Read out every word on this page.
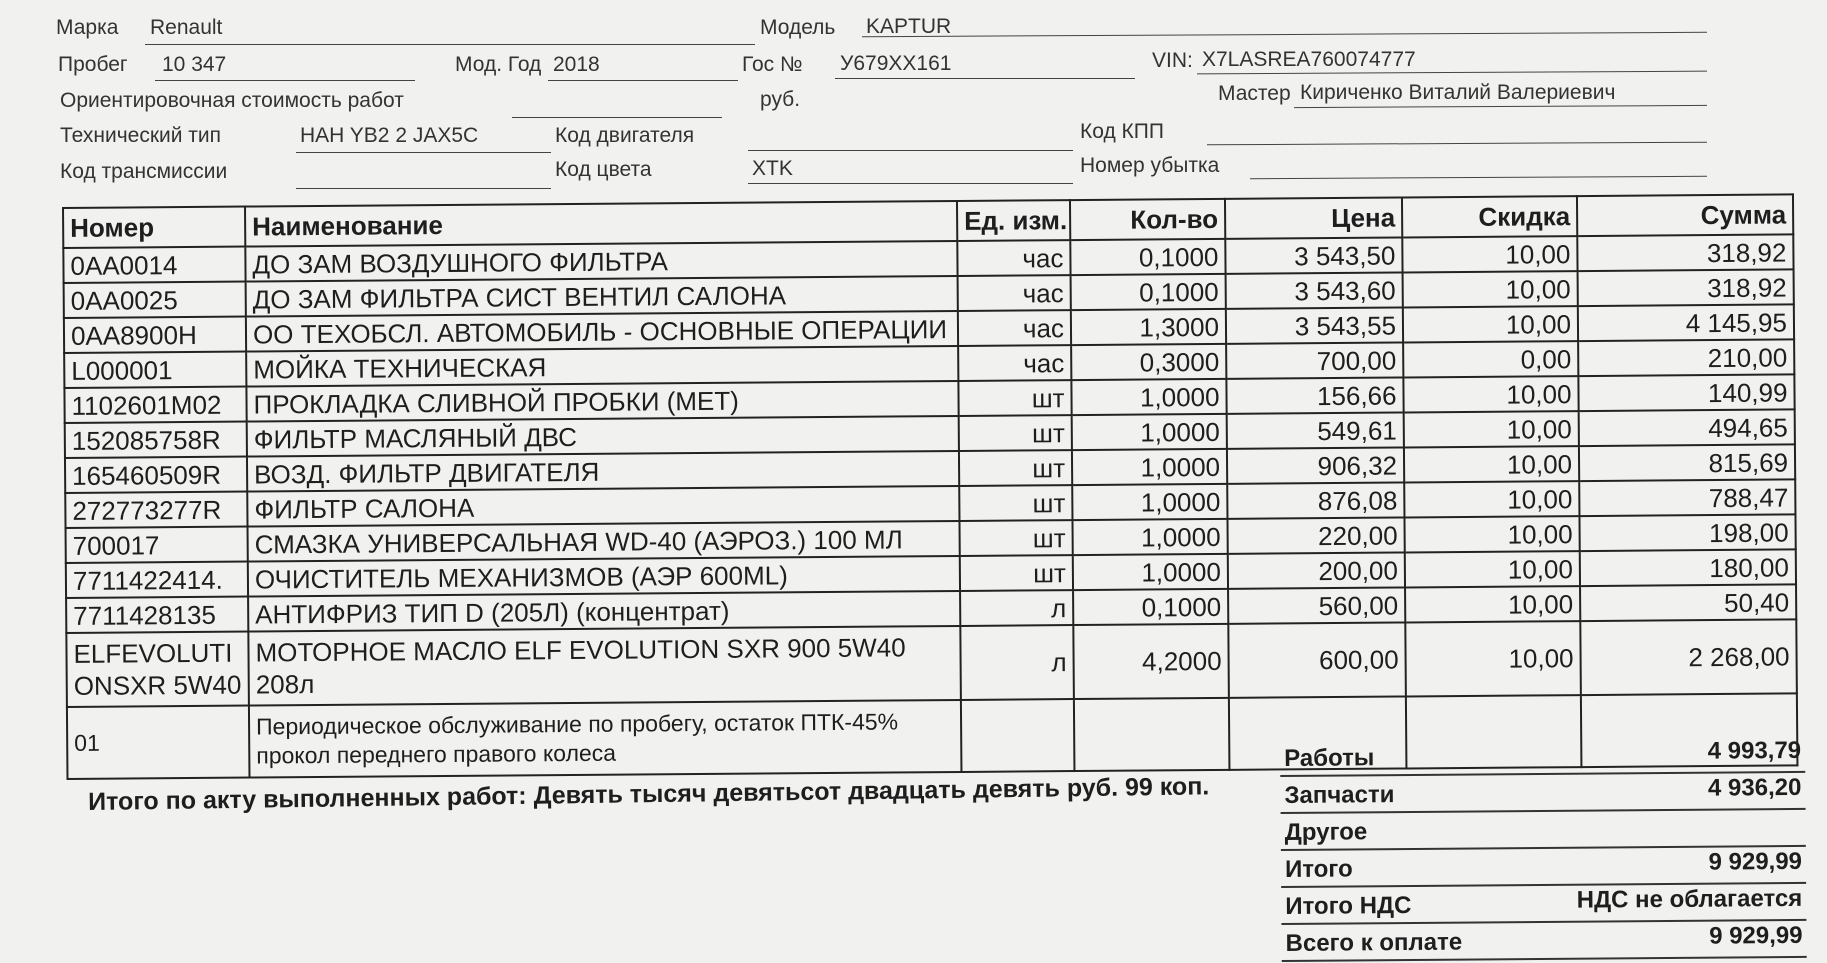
Марка Renault	Модель KAPTUR
Пробег 10 347	Мод. Год 2018	Гос № У679ХХ161	VIN: X7LASREA760074777
Ориентировочная стоимость работ	руб.	Мастер Кириченко Виталий Валериевич
Технический тип	HAH YB2 2 JAX5C	Код двигателя	Код КПП
Код трансмиссии	Код цвета	XTK	Номер убытка
Номер	Наименование	Ед. изм.	Кол-во	Цена	Скидка	Сумма
0AA0014	ДО ЗАМ ВОЗДУШНОГО ФИЛЬТРА	час	0,1000	3 543,50	10,00	318,92
0AA0025	ДО ЗАМ ФИЛЬТРА СИСТ ВЕНТИЛ САЛОНА	час	0,1000	3 543,60	10,00	318,92
0AA8900H	ОО ТЕХОБСЛ. АВТОМОБИЛЬ - ОСНОВНЫЕ ОПЕРАЦИИ	час	1,3000	3 543,55	10,00	4 145,95
L000001	МОЙКА ТЕХНИЧЕСКАЯ	час	0,3000	700,00	0,00	210,00
1102601M02	ПРОКЛАДКА СЛИВНОЙ ПРОБКИ (МЕТ)	шт	1,0000	156,66	10,00	140,99
152085758R	ФИЛЬТР МАСЛЯНЫЙ ДВС	шт	1,0000	549,61	10,00	494,65
165460509R	ВОЗД. ФИЛЬТР ДВИГАТЕЛЯ	шт	1,0000	906,32	10,00	815,69
272773277R	ФИЛЬТР САЛОНА	шт	1,0000	876,08	10,00	788,47
700017	СМАЗКА УНИВЕРСАЛЬНАЯ WD-40 (АЭРОЗ.) 100 МЛ	шт	1,0000	220,00	10,00	198,00
7711422414.	ОЧИСТИТЕЛЬ МЕХАНИЗМОВ (АЭР 600ML)	шт	1,0000	200,00	10,00	180,00
7711428135	АНТИФРИЗ ТИП D (205Л) (концентрат)	л	0,1000	560,00	10,00	50,40
ELFEVOLUTI ONSXR 5W40	МОТОРНОЕ МАСЛО ELF EVOLUTION SXR 900 5W40 208л	л	4,2000	600,00	10,00	2 268,00
01	Периодическое обслуживание по пробегу, остаток ПТК-45% прокол переднего правого колеса					
Итого по акту выполненных работ: Девять тысяч девятьсот двадцать девять руб. 99 коп.
Работы	4 993,79
Запчасти	4 936,20
Другое
Итого	9 929,99
Итого НДС	НДС не облагается
Всего к оплате	9 929,99
